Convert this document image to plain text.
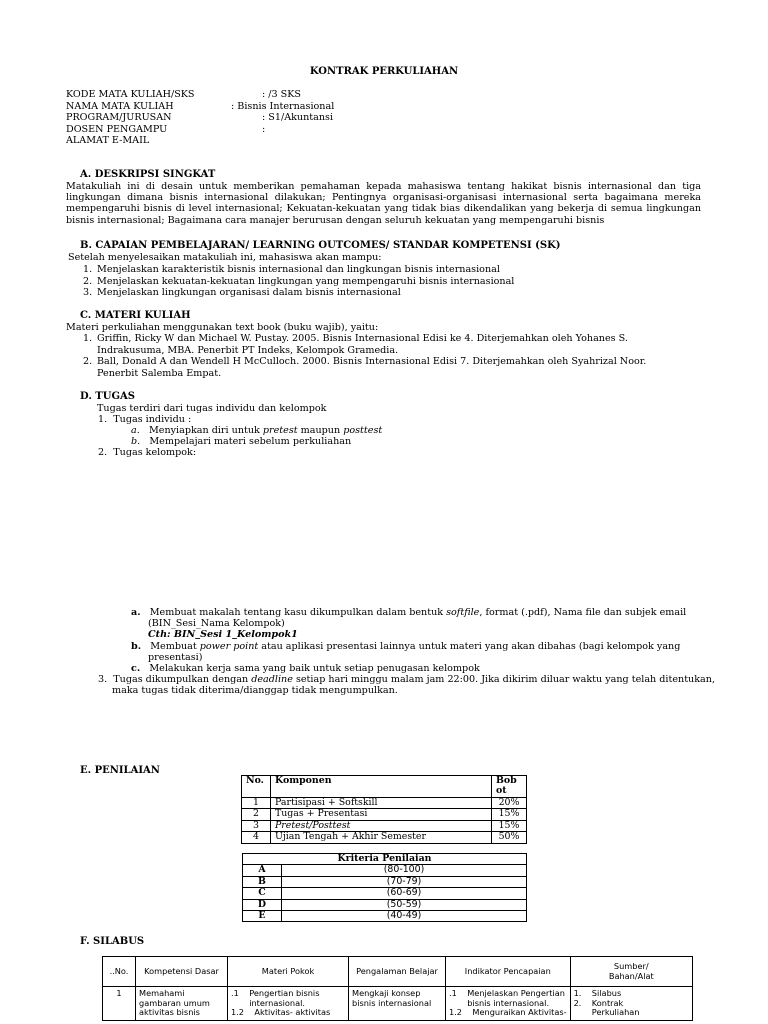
KONTRAK PERKULIAHAN
KODE MATA KULIAH/SKS	: /3 SKS
NAMA MATA KULIAH	: Bisnis Internasional
PROGRAM/JURUSAN	: S1/Akuntansi
DOSEN PENGAMPU	:
ALAMAT E-MAIL
A. DESKRIPSI SINGKAT
Matakuliah ini di desain untuk memberikan pemahaman kepada mahasiswa tentang hakikat bisnis internasional dan tiga lingkungan dimana bisnis internasional dilakukan; Pentingnya organisasi-organisasi internasional serta bagaimana mereka mempengaruhi bisnis di level internasional; Kekuatan-kekuatan yang tidak bias dikendalikan yang bekerja di semua lingkungan bisnis internasional; Bagaimana cara manajer berurusan dengan seluruh kekuatan yang mempengaruhi bisnis
B. CAPAIAN PEMBELAJARAN/ LEARNING OUTCOMES/ STANDAR KOMPETENSI (SK)
Setelah menyelesaikan matakuliah ini, mahasiswa akan mampu:
1. Menjelaskan karakteristik bisnis internasional dan lingkungan bisnis internasional
2. Menjelaskan kekuatan-kekuatan lingkungan yang mempengaruhi bisnis internasional
3. Menjelaskan lingkungan organisasi dalam bisnis internasional
C. MATERI KULIAH
Materi perkuliahan menggunakan text book (buku wajib), yaitu:
1. Griffin, Ricky W dan Michael W. Pustay. 2005. Bisnis Internasional Edisi ke 4. Diterjemahkan oleh Yohanes S.
Indrakusuma, MBA. Penerbit PT Indeks, Kelompok Gramedia.
2. Ball, Donald A dan Wendell H McCulloch. 2000. Bisnis Internasional Edisi 7. Diterjemahkan oleh Syahrizal Noor.
Penerbit Salemba Empat.
D. TUGAS
Tugas terdiri dari tugas individu dan kelompok
1.  Tugas individu :
a. Menyiapkan diri untuk pretest maupun posttest
b. Mempelajari materi sebelum perkuliahan
2.  Tugas kelompok:
a. Membuat makalah tentang kasu dikumpulkan dalam bentuk softfile, format (.pdf), Nama file dan subjek email
(BIN_Sesi_Nama Kelompok)
Cth: BIN_Sesi 1_Kelompok1
b. Membuat power point atau aplikasi presentasi lainnya untuk materi yang akan dibahas (bagi kelompok yang
presentasi)
c. Melakukan kerja sama yang baik untuk setiap penugasan kelompok
3.  Tugas dikumpulkan dengan deadline setiap hari minggu malam jam 22:00. Jika dikirim diluar waktu yang telah ditentukan,
maka tugas tidak diterima/dianggap tidak mengumpulkan.
E. PENILAIAN
No.	Komponen	Bobot
1	Partisipasi + Softskill	20%
2	Tugas + Presentasi	15%
3	Pretest/Posttest	15%
4	Ujian Tengah + Akhir Semester	50%
Kriteria Penilaian	
A	(80-100)
B	(70-79)
C	(60-69)
D	(50-59)
E	(40-49)
F. SILABUS
..No.	Kompetensi Dasar	Materi Pokok	Pengalaman Belajar	Indikator Pencapaian	Sumber/
Bahan/Alat
1	Memahami
gambaran umum
aktivitas bisnis	.1    Pengertian bisnis
internasional.
1.2    Aktivitas- aktivitas	Mengkaji konsep
bisnis internasional	.1    Menjelaskan Pengertian
bisnis internasional.
1.2    Menguraikan Aktivitas-	1.    Silabus
2.    Kontrak
Perkuliahan
